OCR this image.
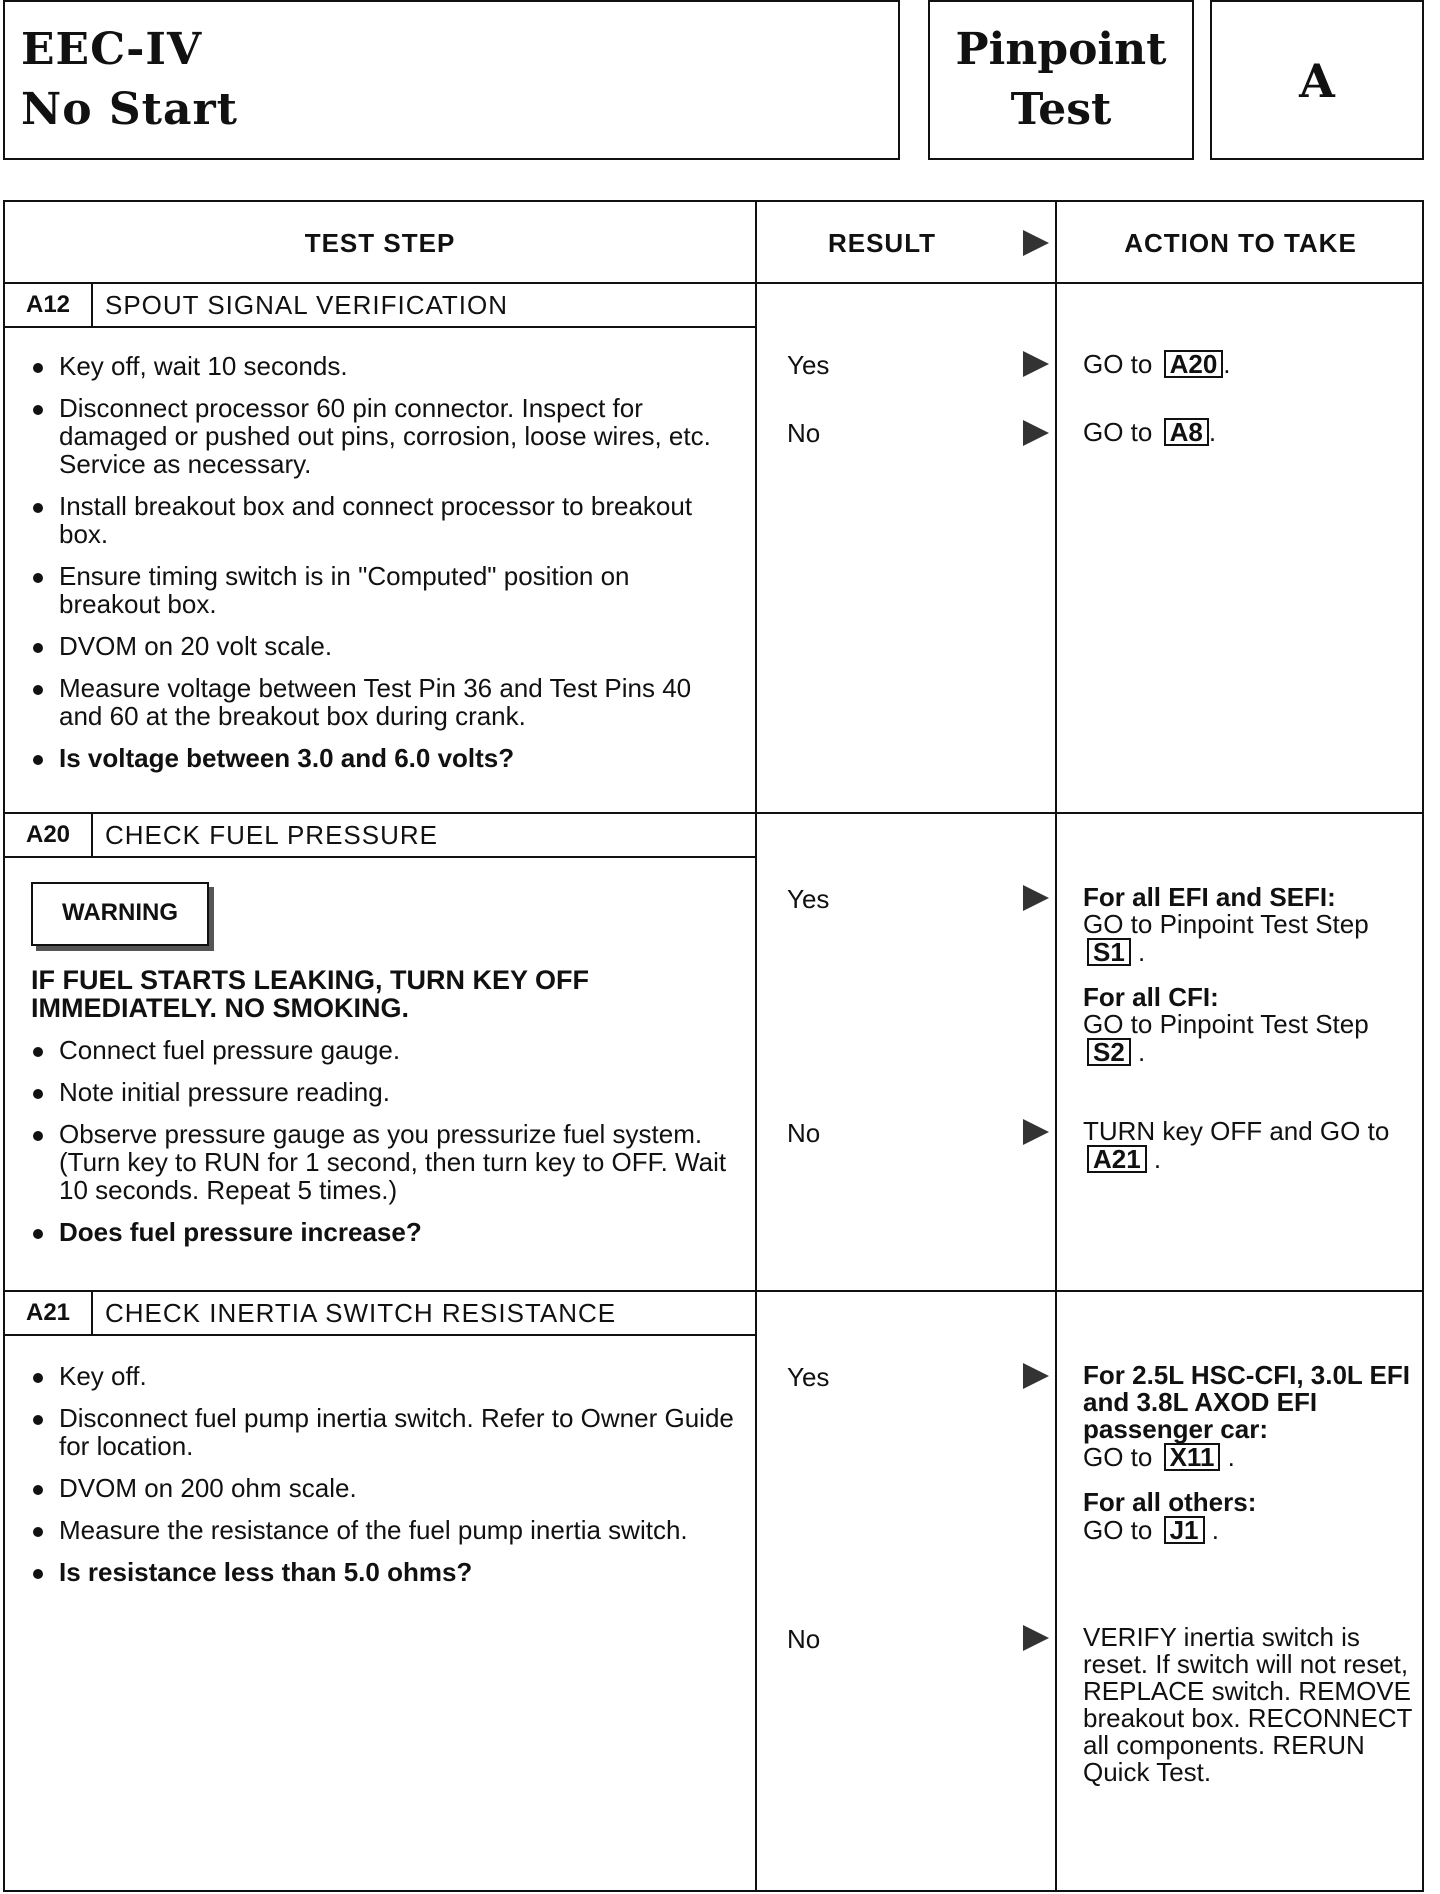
EEC-IV
No Start
Pinpoint
Test
A
TEST STEP	RESULT	ACTION TO TAKE
A12	SPOUT SIGNAL VERIFICATION
Key off, wait 10 seconds.
Disconnect processor 60 pin connector. Inspect for damaged or pushed out pins, corrosion, loose wires, etc. Service as necessary.
Install breakout box and connect processor to breakout box.
Ensure timing switch is in "Computed" position on breakout box.
DVOM on 20 volt scale.
Measure voltage between Test Pin 36 and Test Pins 40 and 60 at the breakout box during crank.
Is voltage between 3.0 and 6.0 volts?
Yes	GO to A20 .
No	GO to A8 .
A20	CHECK FUEL PRESSURE
WARNING
IF FUEL STARTS LEAKING, TURN KEY OFF IMMEDIATELY. NO SMOKING.
Connect fuel pressure gauge.
Note initial pressure reading.
Observe pressure gauge as you pressurize fuel system. (Turn key to RUN for 1 second, then turn key to OFF. Wait 10 seconds. Repeat 5 times.)
Does fuel pressure increase?
Yes	For all EFI and SEFI:
GO to Pinpoint Test Step S1 .
For all CFI:
GO to Pinpoint Test Step S2 .
No	TURN key OFF and GO to A21 .
A21	CHECK INERTIA SWITCH RESISTANCE
Key off.
Disconnect fuel pump inertia switch. Refer to Owner Guide for location.
DVOM on 200 ohm scale.
Measure the resistance of the fuel pump inertia switch.
Is resistance less than 5.0 ohms?
Yes	For 2.5L HSC-CFI, 3.0L EFI and 3.8L AXOD EFI passenger car:
GO to X11 .
For all others:
GO to J1 .
No	VERIFY inertia switch is reset. If switch will not reset, REPLACE switch. REMOVE breakout box. RECONNECT all components. RERUN Quick Test.
